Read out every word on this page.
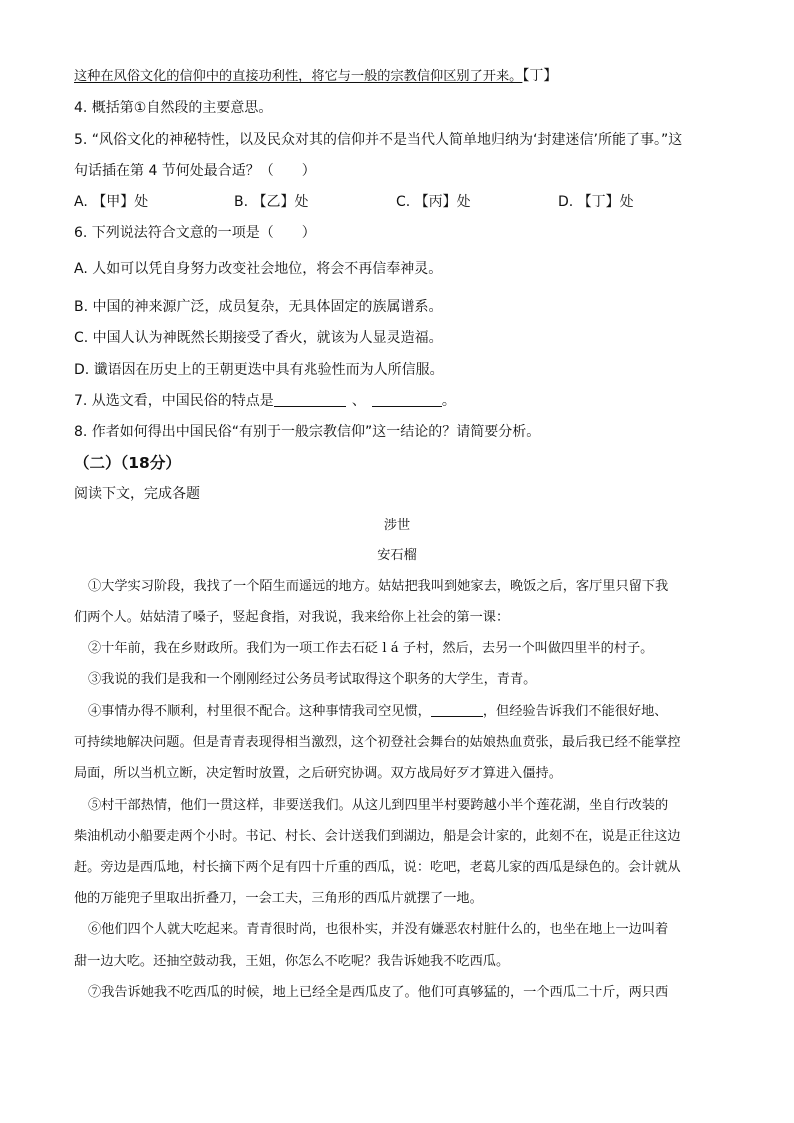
这种在风俗文化的信仰中的直接功利性，将它与一般的宗教信仰区别了开来。【丁】
4. 概括第①自然段的主要意思。
5. “风俗文化的神秘特性，以及民众对其的信仰并不是当代人简单地归纳为‘封建迷信’所能了事。”这
句话插在第 4 节何处最合适？（　　）
A. 【甲】处	B. 【乙】处	C. 【丙】处	D. 【丁】处
6. 下列说法符合文意的一项是（　　）
A. 人如可以凭自身努力改变社会地位，将会不再信奉神灵。
B. 中国的神来源广泛，成员复杂，无具体固定的族属谱系。
C. 中国人认为神既然长期接受了香火，就该为人显灵造福。
D. 谶语因在历史上的王朝更迭中具有兆验性而为人所信服。
7. 从选文看，中国民俗的特点是	、	。
8. 作者如何得出中国民俗“有别于一般宗教信仰”这一结论的？请简要分析。
（二）（18分）
阅读下文，完成各题
涉世
安石榴
①大学实习阶段，我找了一个陌生而遥远的地方。姑姑把我叫到她家去，晚饭之后，客厅里只留下我
们两个人。姑姑清了嗓子，竖起食指，对我说，我来给你上社会的第一课：
②十年前，我在乡财政所。我们为一项工作去石砭 l á 子村，然后，去另一个叫做四里半的村子。
③我说的我们是我和一个刚刚经过公务员考试取得这个职务的大学生，青青。
④事情办得不顺利，村里很不配合。这种事情我司空见惯，	，但经验告诉我们不能很好地、
可持续地解决问题。但是青青表现得相当激烈，这个初登社会舞台的姑娘热血贲张，最后我已经不能掌控
局面，所以当机立断，决定暂时放置，之后研究协调。双方战局好歹才算进入僵持。
⑤村干部热情，他们一贯这样，非要送我们。从这儿到四里半村要跨越小半个莲花湖，坐自行改装的
柴油机动小船要走两个小时。书记、村长、会计送我们到湖边，船是会计家的，此刻不在，说是正往这边
赶。旁边是西瓜地，村长摘下两个足有四十斤重的西瓜，说：吃吧，老葛儿家的西瓜是绿色的。会计就从
他的万能兜子里取出折叠刀，一会工夫，三角形的西瓜片就摆了一地。
⑥他们四个人就大吃起来。青青很时尚，也很朴实，并没有嫌恶农村脏什么的，也坐在地上一边叫着
甜一边大吃。还抽空鼓动我，王姐，你怎么不吃呢？我告诉她我不吃西瓜。
⑦我告诉她我不吃西瓜的时候，地上已经全是西瓜皮了。他们可真够猛的，一个西瓜二十斤，两只西
